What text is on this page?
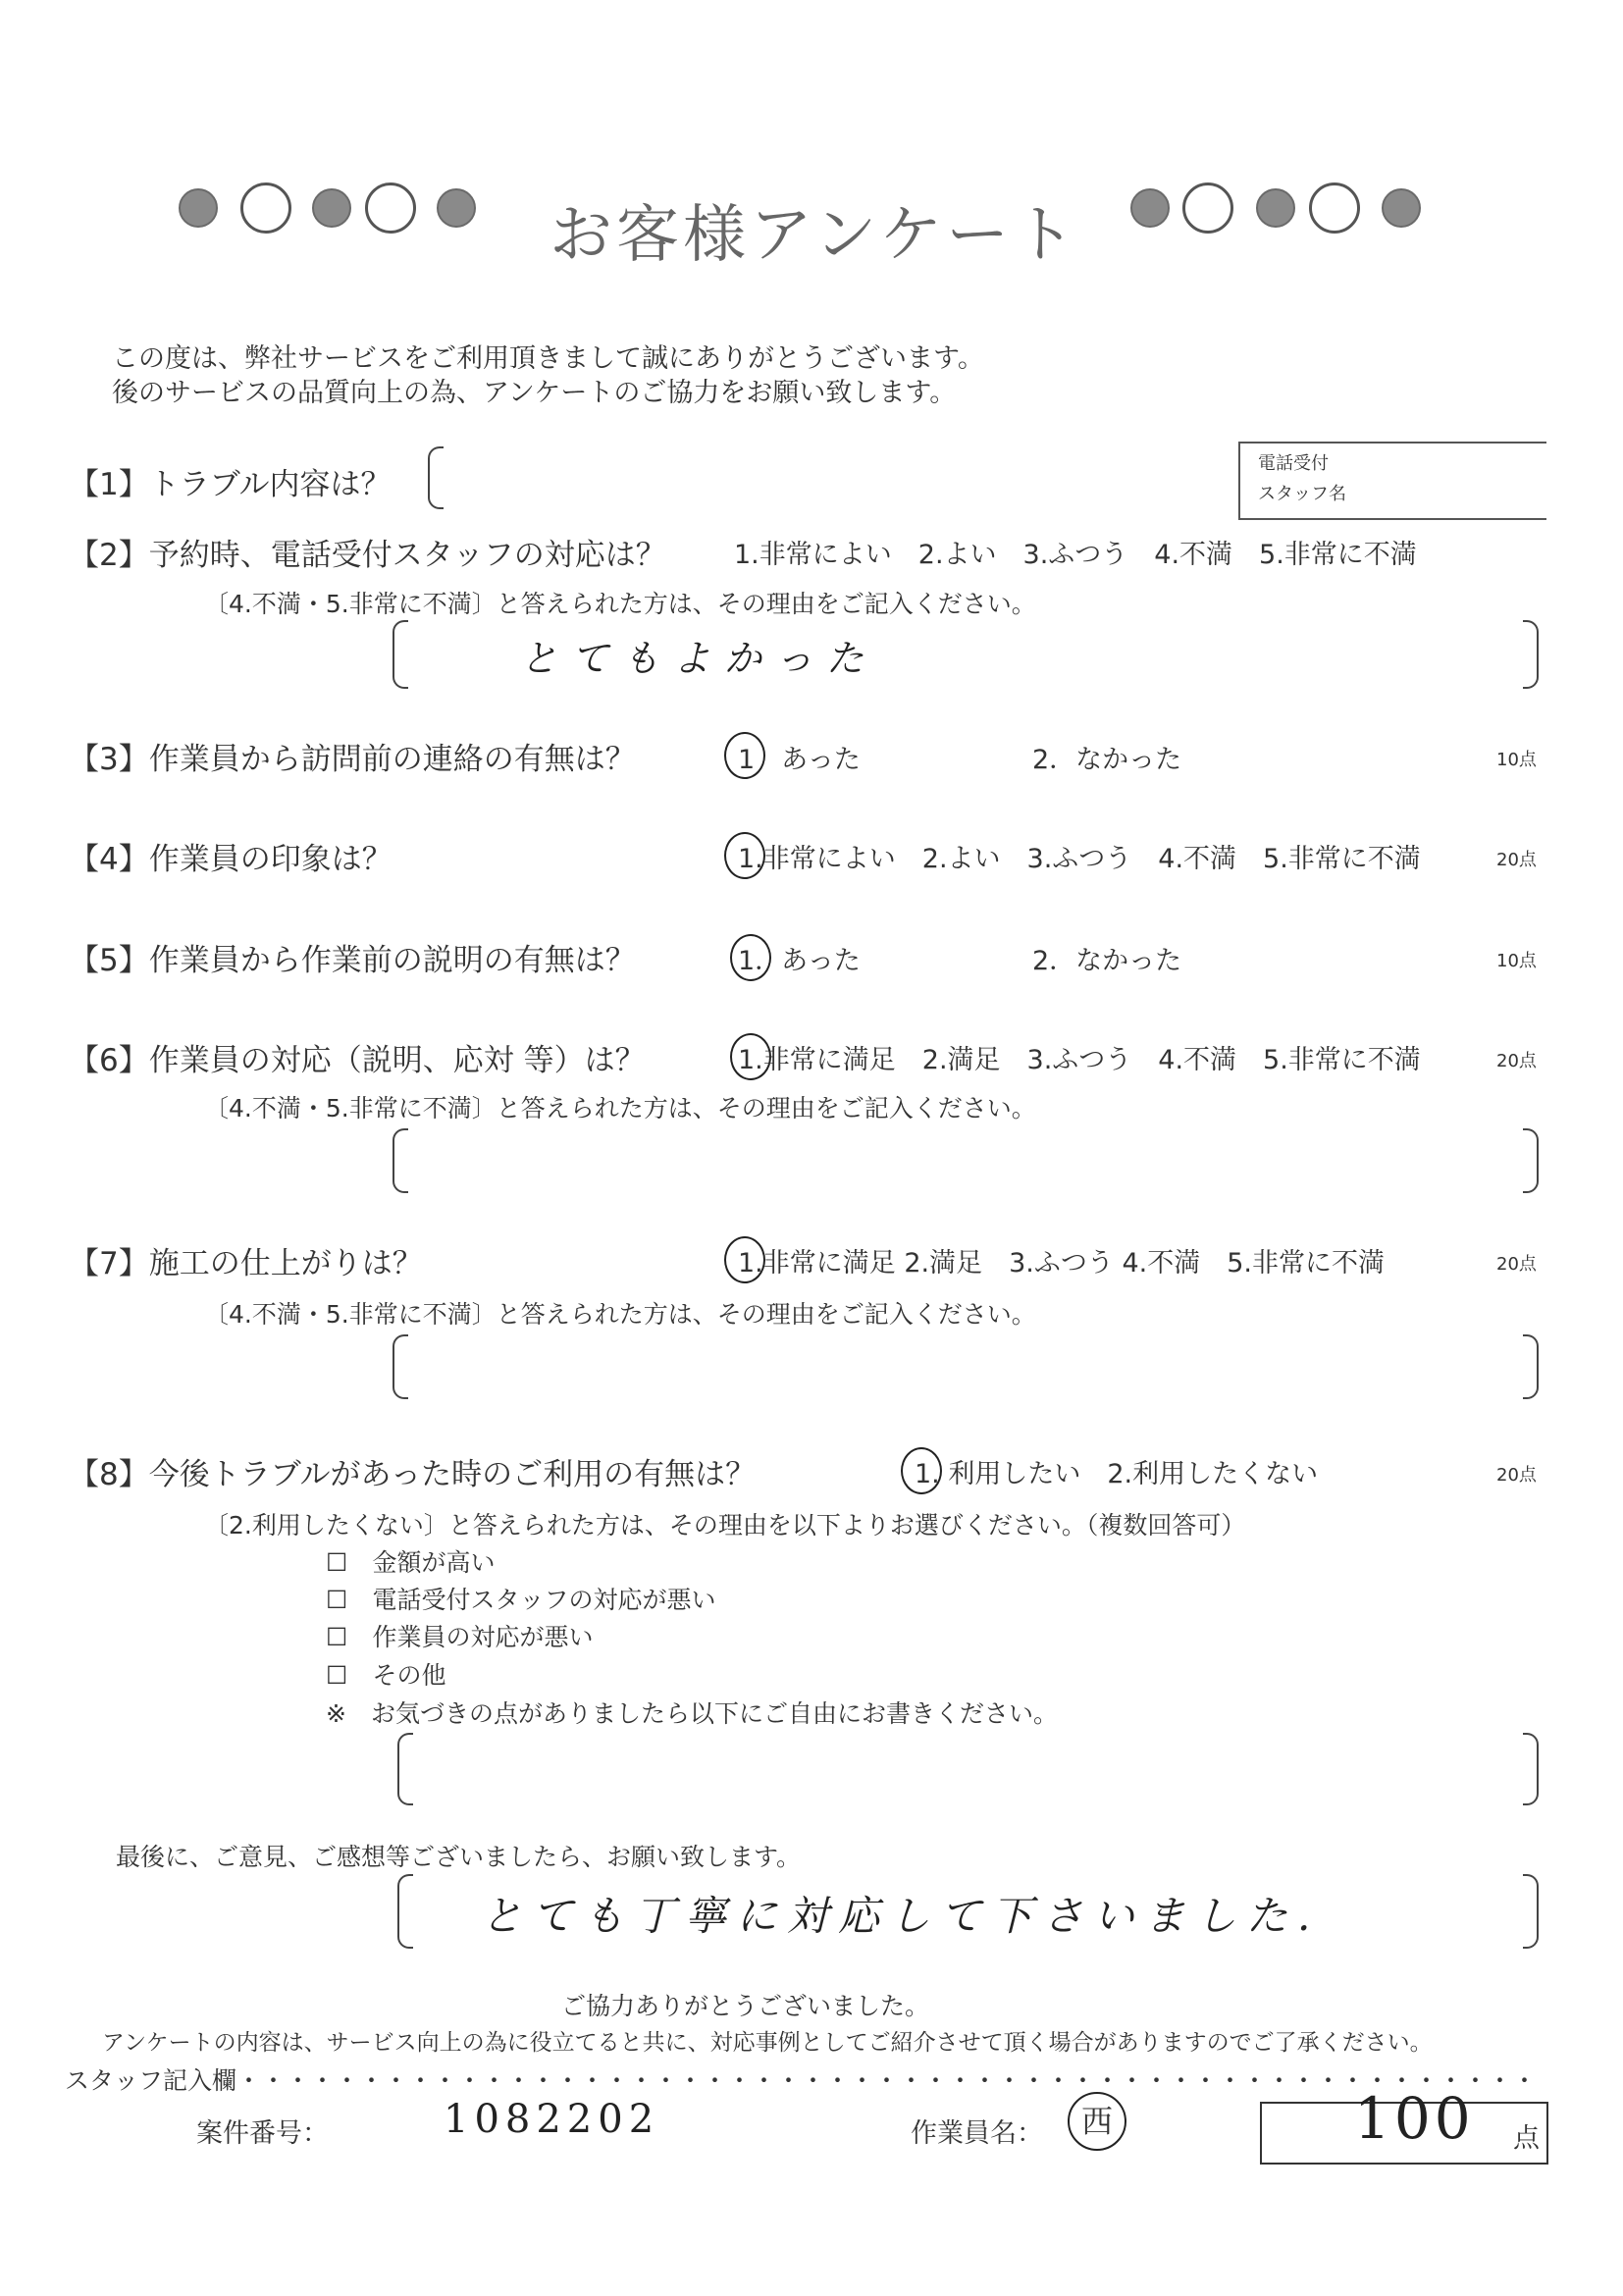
お客様アンケート
この度は、弊社サービスをご利用頂きまして誠にありがとうございます。
後のサービスの品質向上の為、アンケートのご協力をお願い致します。
電話受付
スタッフ名
【1】トラブル内容は？
【2】予約時、電話受付スタッフの対応は？	1.非常によい　2.よい　3.ふつう　4.不満　5.非常に不満
〔4.不満・5.非常に不満〕と答えられた方は、その理由をご記入ください。
とてもよかった
【3】作業員から訪問前の連絡の有無は？	1　あった	2．なかった	10点
【4】作業員の印象は？	1.非常によい　2.よい　3.ふつう　4.不満　5.非常に不満	20点
【5】作業員から作業前の説明の有無は？	1．あった	2．なかった	10点
【6】作業員の対応（説明、応対 等）は？	1.非常に満足　2.満足　3.ふつう　4.不満　5.非常に不満	20点
〔4.不満・5.非常に不満〕と答えられた方は、その理由をご記入ください。
【7】施工の仕上がりは？	1.非常に満足 2.満足　3.ふつう 4.不満　5.非常に不満	20点
〔4.不満・5.非常に不満〕と答えられた方は、その理由をご記入ください。
【8】今後トラブルがあった時のご利用の有無は？	1. 利用したい　2.利用したくない	20点
〔2.利用したくない〕と答えられた方は、その理由を以下よりお選びください。（複数回答可）
☐　 金額が高い
☐　 電話受付スタッフの対応が悪い
☐　 作業員の対応が悪い
☐　 その他
※　お気づきの点がありましたら以下にご自由にお書きください。
最後に、ご意見、ご感想等ございましたら、お願い致します。
とても丁寧に対応して下さいました.
ご協力ありがとうございました。
アンケートの内容は、サービス向上の為に役立てると共に、対応事例としてご紹介させて頂く場合がありますのでご了承ください。
スタッフ記入欄・・・・・・・・・・・・・・・・・・・・・・・・・・・・・・・・・・・・・・・・・・・・・・・・・・・・・
案件番号：	1082202	作業員名：	西	100 点
